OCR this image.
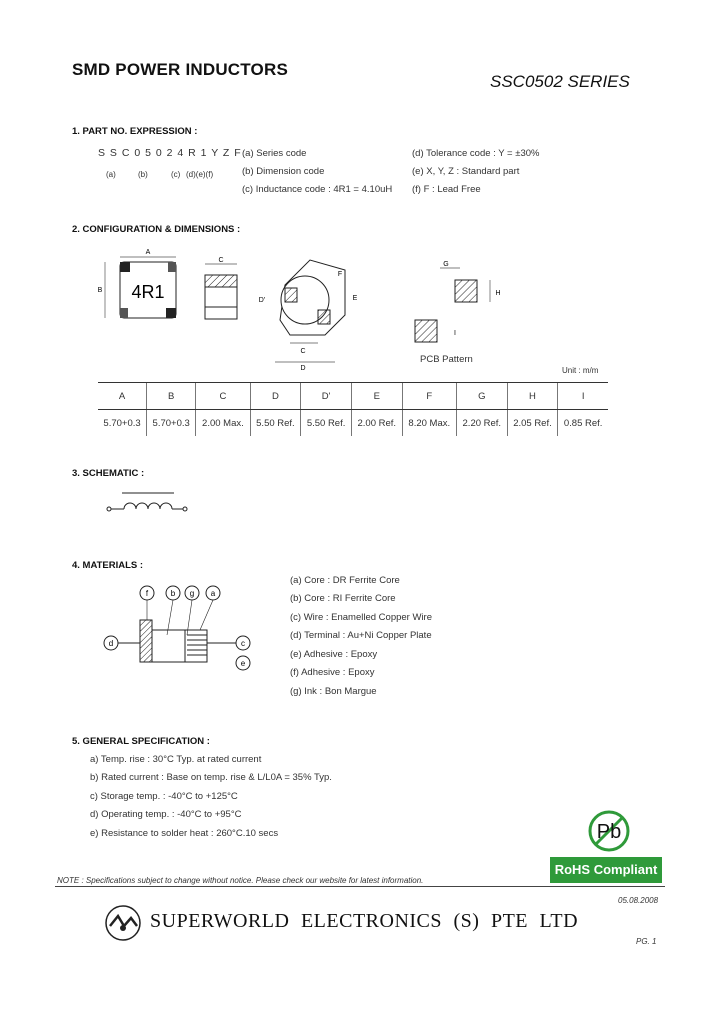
SMD POWER INDUCTORS
SSC0502 SERIES
1. PART NO. EXPRESSION :
S S C 0 5 0 2 4 R 1 Y Z F
(a)	(b)	(c) (d)(e)(f)
(a) Series code
(b) Dimension code
(c) Inductance code : 4R1 = 4.10uH
(d) Tolerance code : Y = ±30%
(e) X, Y, Z : Standard part
(f) F : Lead Free
2. CONFIGURATION & DIMENSIONS :
4R1
A
B
C
C
D
D'	E
F
G
H
I
PCB Pattern
Unit : m/m
A	B	C	D	D'	E	F	G	H	I
5.70+0.3	5.70+0.3	2.00 Max.	5.50 Ref.	5.50 Ref.	2.00 Ref.	8.20 Max.	2.20 Ref.	2.05 Ref.	0.85 Ref.
3. SCHEMATIC :
4. MATERIALS :
f	b g a
d	c
e
(a) Core : DR Ferrite Core
(b) Core : RI Ferrite Core
(c) Wire : Enamelled Copper Wire
(d) Terminal : Au+Ni Copper Plate
(e) Adhesive : Epoxy
(f) Adhesive : Epoxy
(g) Ink : Bon Margue
5. GENERAL SPECIFICATION :
a) Temp. rise : 30°C Typ. at rated current
b) Rated current : Base on temp. rise & L/L0A = 35% Typ.
c) Storage temp. : -40°C to +125°C
d) Operating temp. : -40°C to +95°C
e) Resistance to solder heat : 260°C.10 secs	Pb
RoHS Compliant
NOTE : Specifications subject to change without notice. Please check our website for latest information.
05.08.2008
SUPERWORLD ELECTRONICS (S) PTE LTD
PG. 1
